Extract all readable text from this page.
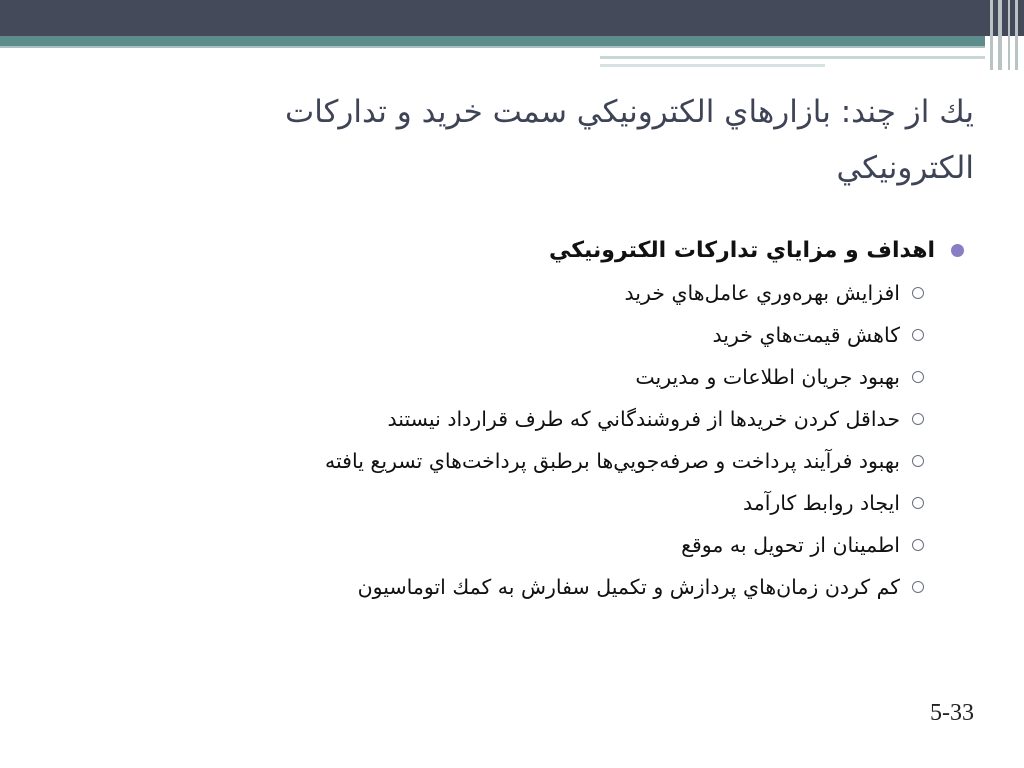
يك از چند: بازارهاي الكترونيكي سمت خريد و تداركات الكترونيكي
اهداف و مزاياي تداركات الكترونيكي
افزايش بهره‌وري عامل‌هاي خريد
كاهش قيمت‌هاي خريد
بهبود جريان اطلاعات و مديريت
حداقل كردن خريدها از فروشندگاني كه طرف قرارداد نيستند
بهبود فرآيند پرداخت و صرفه‌جويي‌ها برطبق پرداخت‌هاي تسريع يافته
ايجاد روابط كارآمد
اطمينان از تحويل به موقع
كم كردن زمان‌هاي پردازش و تكميل سفارش به كمك اتوماسيون
5-33
